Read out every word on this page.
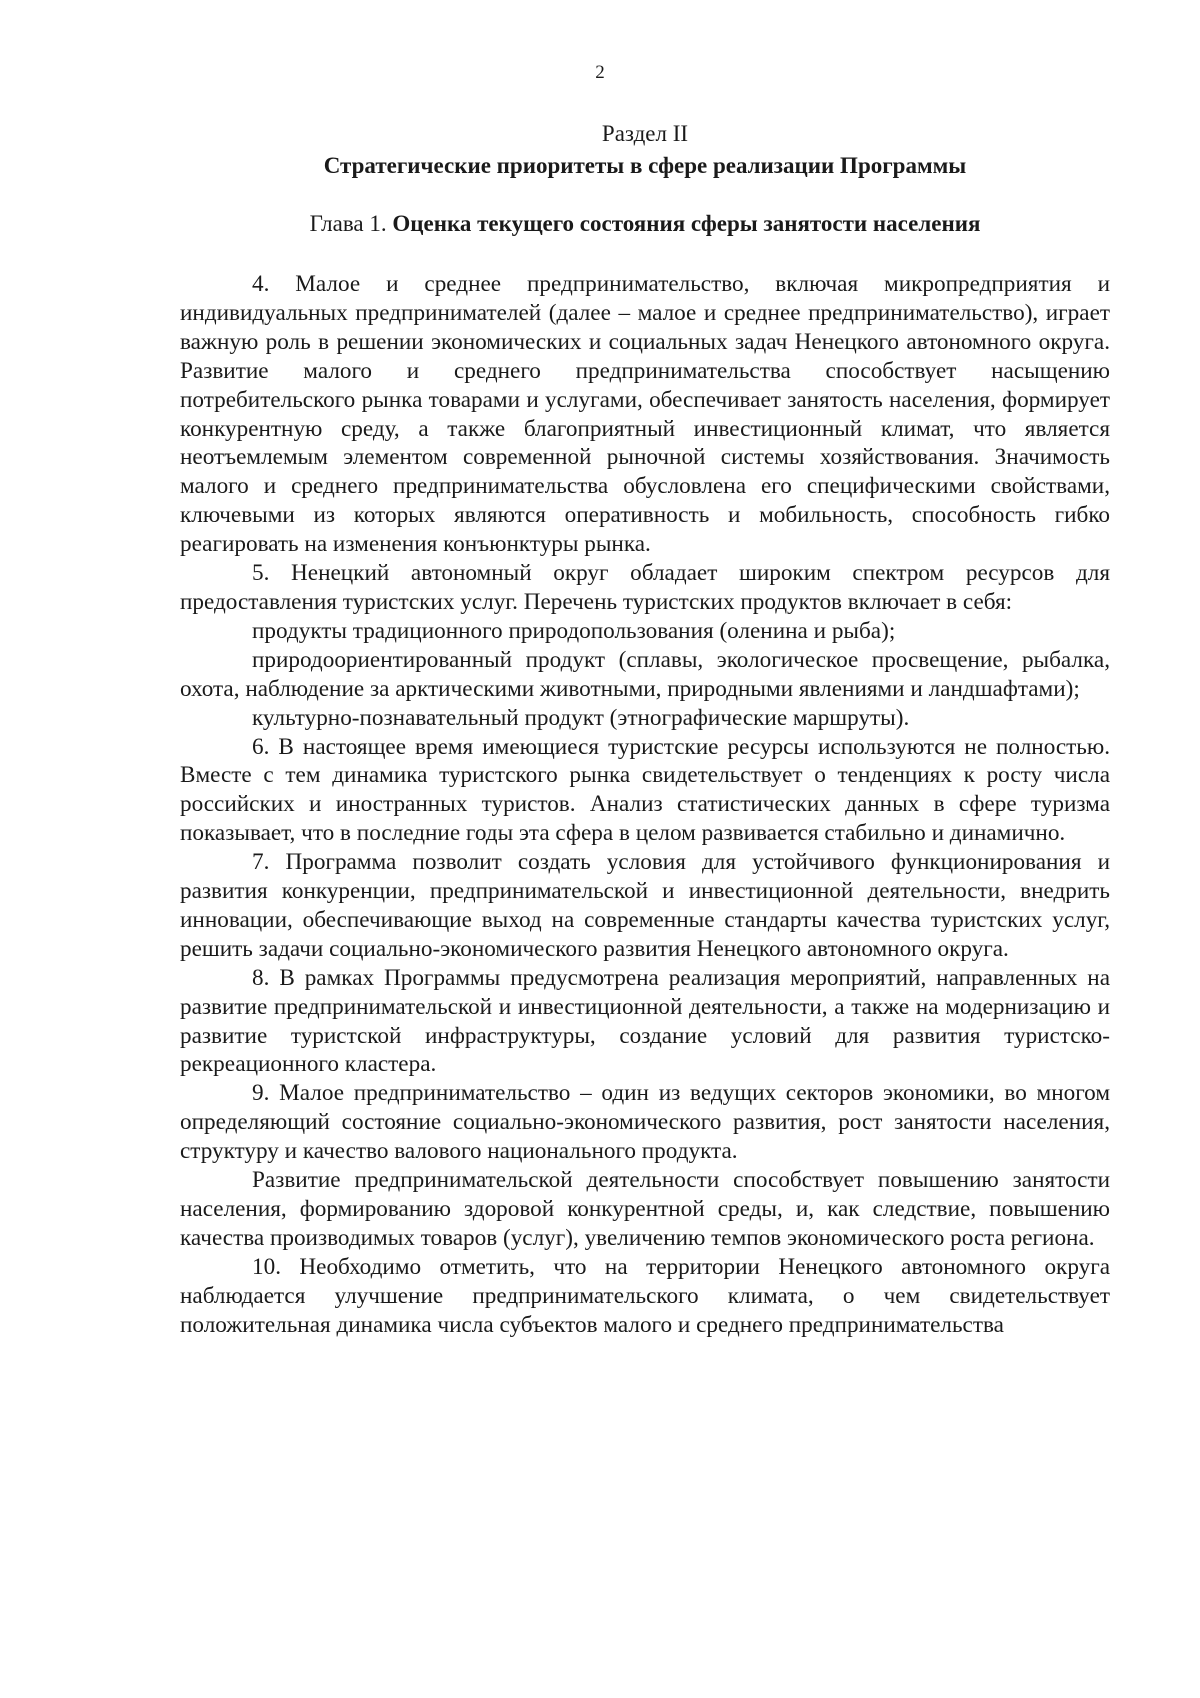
2
Раздел II
Стратегические приоритеты в сфере реализации Программы
Глава 1. Оценка текущего состояния сферы занятости населения

4. Малое и среднее предпринимательство, включая микропредприятия и индивидуальных предпринимателей (далее – малое и среднее предпринимательство), играет важную роль в решении экономических и социальных задач Ненецкого автономного округа. Развитие малого и среднего предпринимательства способствует насыщению потребительского рынка товарами и услугами, обеспечивает занятость населения, формирует конкурентную среду, а также благоприятный инвестиционный климат, что является неотъемлемым элементом современной рыночной системы хозяйствования. Значимость малого и среднего предпринимательства обусловлена его специфическими свойствами, ключевыми из которых являются оперативность и мобильность, способность гибко реагировать на изменения конъюнктуры рынка.

5. Ненецкий автономный округ обладает широким спектром ресурсов для предоставления туристских услуг. Перечень туристских продуктов включает в себя:

продукты традиционного природопользования (оленина и рыба);

природоориентированный продукт (сплавы, экологическое просвещение, рыбалка, охота, наблюдение за арктическими животными, природными явлениями и ландшафтами);

культурно-познавательный продукт (этнографические маршруты).

6. В настоящее время имеющиеся туристские ресурсы используются не полностью. Вместе с тем динамика туристского рынка свидетельствует о тенденциях к росту числа российских и иностранных туристов. Анализ статистических данных в сфере туризма показывает, что в последние годы эта сфера в целом развивается стабильно и динамично.

7. Программа позволит создать условия для устойчивого функционирования и развития конкуренции, предпринимательской и инвестиционной деятельности, внедрить инновации, обеспечивающие выход на современные стандарты качества туристских услуг, решить задачи социально-экономического развития Ненецкого автономного округа.

8. В рамках Программы предусмотрена реализация мероприятий, направленных на развитие предпринимательской и инвестиционной деятельности, а также на модернизацию и развитие туристской инфраструктуры, создание условий для развития туристско-рекреационного кластера.

9. Малое предпринимательство – один из ведущих секторов экономики, во многом определяющий состояние социально-экономического развития, рост занятости населения, структуру и качество валового национального продукта.

Развитие предпринимательской деятельности способствует повышению занятости населения, формированию здоровой конкурентной среды, и, как следствие, повышению качества производимых товаров (услуг), увеличению темпов экономического роста региона.

10. Необходимо отметить, что на территории Ненецкого автономного округа наблюдается улучшение предпринимательского климата, о чем свидетельствует положительная динамика числа субъектов малого и среднего предпринимательства
